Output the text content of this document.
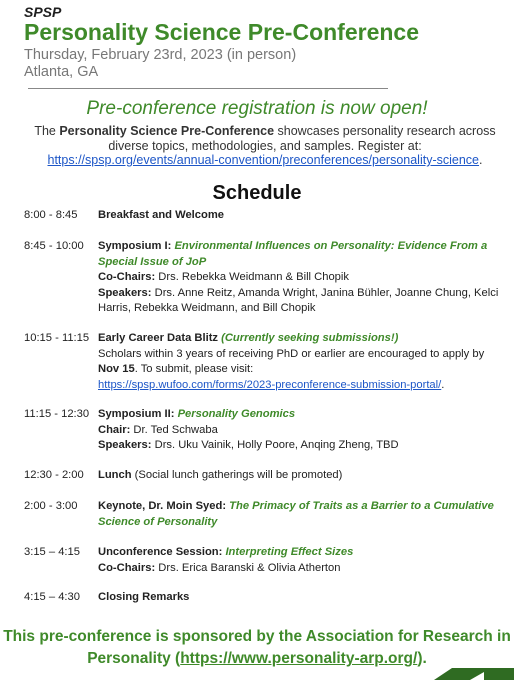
SPSP
Personality Science Pre-Conference
Thursday, February 23rd, 2023 (in person)
Atlanta, GA
Pre-conference registration is now open!
The Personality Science Pre-Conference showcases personality research across diverse topics, methodologies, and samples. Register at:
https://spsp.org/events/annual-convention/preconferences/personality-science.
Schedule
8:00 - 8:45	Breakfast and Welcome
8:45 - 10:00	Symposium I: Environmental Influences on Personality: Evidence From a Special Issue of JoP
Co-Chairs: Drs. Rebekka Weidmann & Bill Chopik
Speakers: Drs. Anne Reitz, Amanda Wright, Janina Bühler, Joanne Chung, Kelci Harris, Rebekka Weidmann, and Bill Chopik
10:15 - 11:15 Early Career Data Blitz (Currently seeking submissions!)
Scholars within 3 years of receiving PhD or earlier are encouraged to apply by Nov 15. To submit, please visit:
https://spsp.wufoo.com/forms/2023-preconference-submission-portal/.
11:15 - 12:30 Symposium II: Personality Genomics
Chair: Dr. Ted Schwaba
Speakers: Drs. Uku Vainik, Holly Poore, Anqing Zheng, TBD
12:30 - 2:00	Lunch (Social lunch gatherings will be promoted)
2:00 - 3:00	Keynote, Dr. Moin Syed: The Primacy of Traits as a Barrier to a Cumulative Science of Personality
3:15 – 4:15	Unconference Session: Interpreting Effect Sizes
Co-Chairs: Drs. Erica Baranski & Olivia Atherton
4:15 – 4:30	Closing Remarks
This pre-conference is sponsored by the Association for Research in Personality (https://www.personality-arp.org/).
